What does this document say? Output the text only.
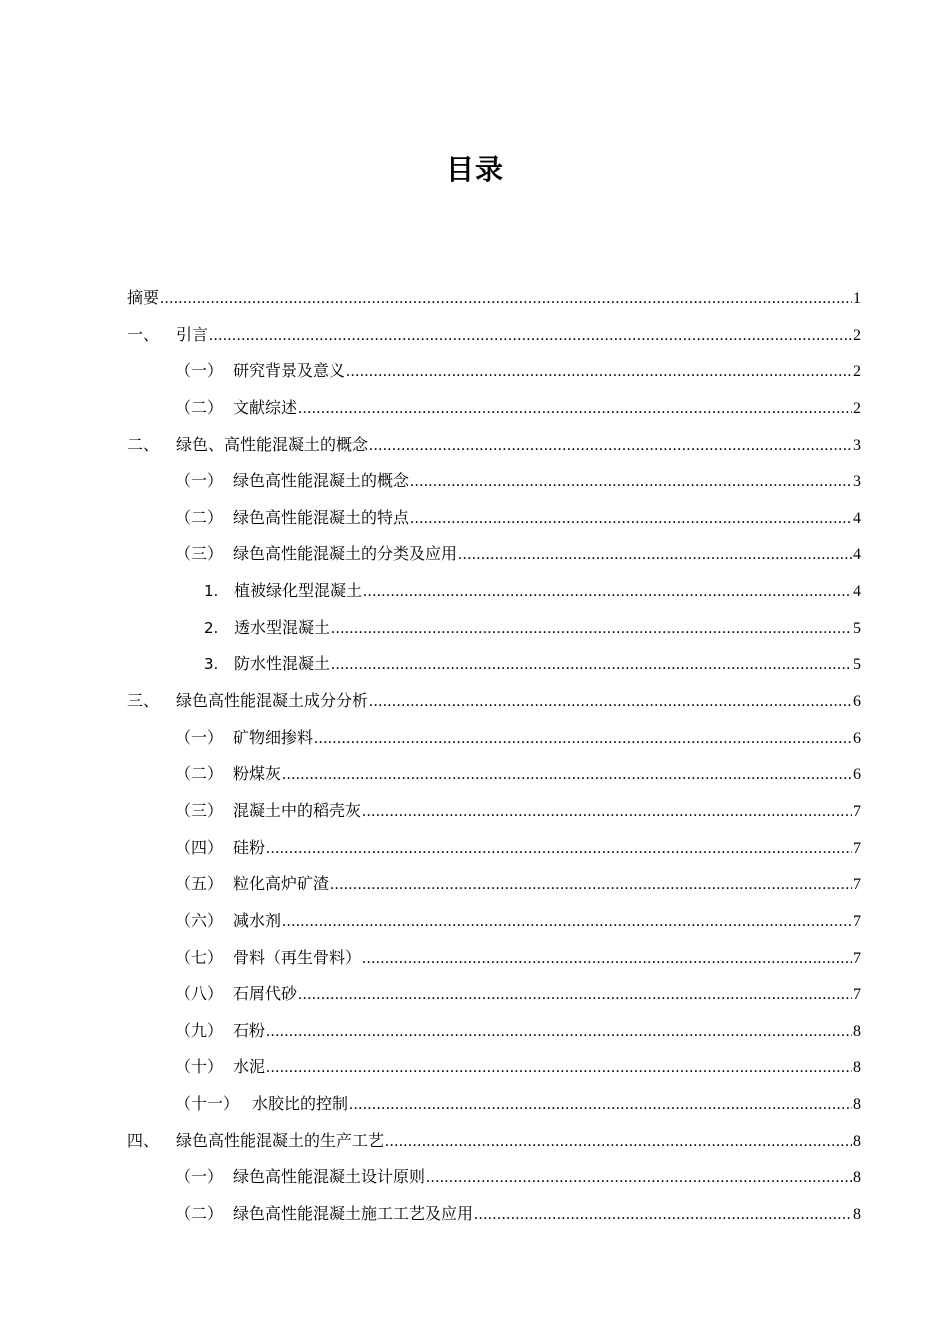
目录
摘要 .....	1
一、	引言 .....	2
（一） 研究背景及意义 .....	2
（二） 文献综述 .....	2
二、	绿色、高性能混凝土的概念 .....	3
（一） 绿色高性能混凝土的概念 .....	3
（二） 绿色高性能混凝土的特点 .....	4
（三） 绿色高性能混凝土的分类及应用 .....	4
1. 植被绿化型混凝土 .....	4
2. 透水型混凝土 .....	5
3. 防水性混凝土 .....	5
三、	绿色高性能混凝土成分分析 .....	6
（一） 矿物细掺料 .....	6
（二） 粉煤灰 .....	6
（三） 混凝土中的稻壳灰 .....	7
（四） 硅粉 .....	7
（五） 粒化高炉矿渣 .....	7
（六） 减水剂 .....	7
（七） 骨料（再生骨料） .....	7
（八） 石屑代砂 .....	7
（九） 石粉 .....	8
（十） 水泥 .....	8
（十一） 水胶比的控制 .....	8
四、	绿色高性能混凝土的生产工艺 .....	8
（一） 绿色高性能混凝土设计原则 .....	8
（二） 绿色高性能混凝土施工工艺及应用 .....	8
